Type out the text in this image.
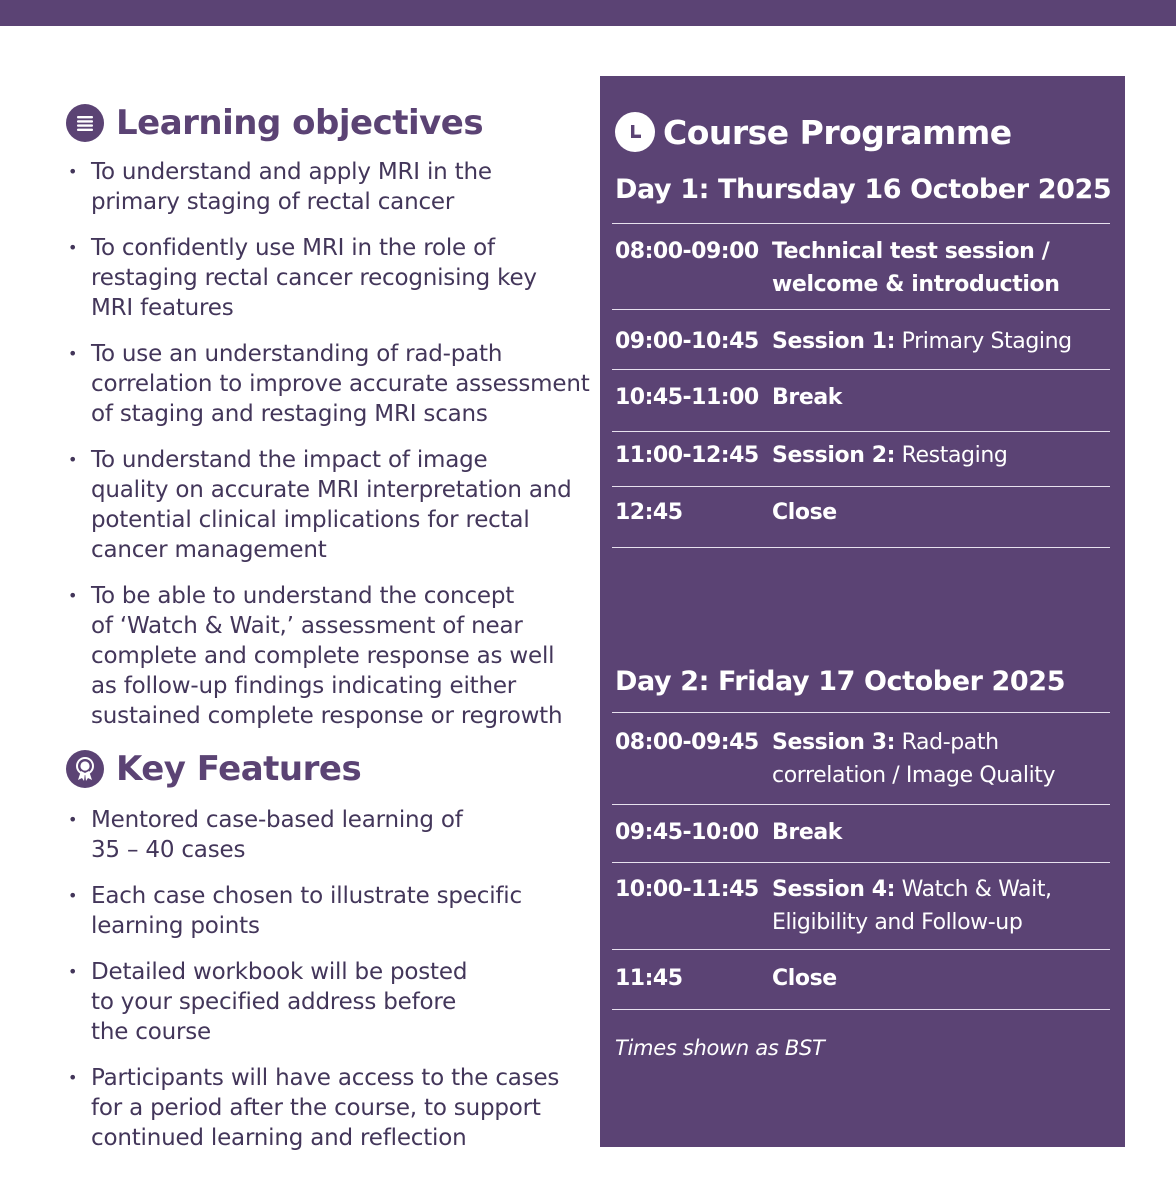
Learning objectives
• To understand and apply MRI in the
primary staging of rectal cancer
• To confidently use MRI in the role of
restaging rectal cancer recognising key
MRI features
• To use an understanding of rad-path
correlation to improve accurate assessment
of staging and restaging MRI scans
• To understand the impact of image
quality on accurate MRI interpretation and
potential clinical implications for rectal
cancer management
• To be able to understand the concept
of ‘Watch & Wait,’ assessment of near
complete and complete response as well
as follow-up findings indicating either
sustained complete response or regrowth
Key Features
• Mentored case-based learning of
35 – 40 cases
• Each case chosen to illustrate specific
learning points
• Detailed workbook will be posted
to your specified address before
the course
• Participants will have access to the cases
for a period after the course, to support
continued learning and reflection
Course Programme
Day 1: Thursday 16 October 2025
08:00-09:00 Technical test session /
welcome & introduction
09:00-10:45 Session 1: Primary Staging
10:45-11:00 Break
11:00-12:45 Session 2: Restaging
12:45	Close
Day 2: Friday 17 October 2025
08:00-09:45 Session 3: Rad-path
correlation / Image Quality
09:45-10:00 Break
10:00-11:45 Session 4: Watch & Wait,
Eligibility and Follow-up
11:45	Close
Times shown as BST
